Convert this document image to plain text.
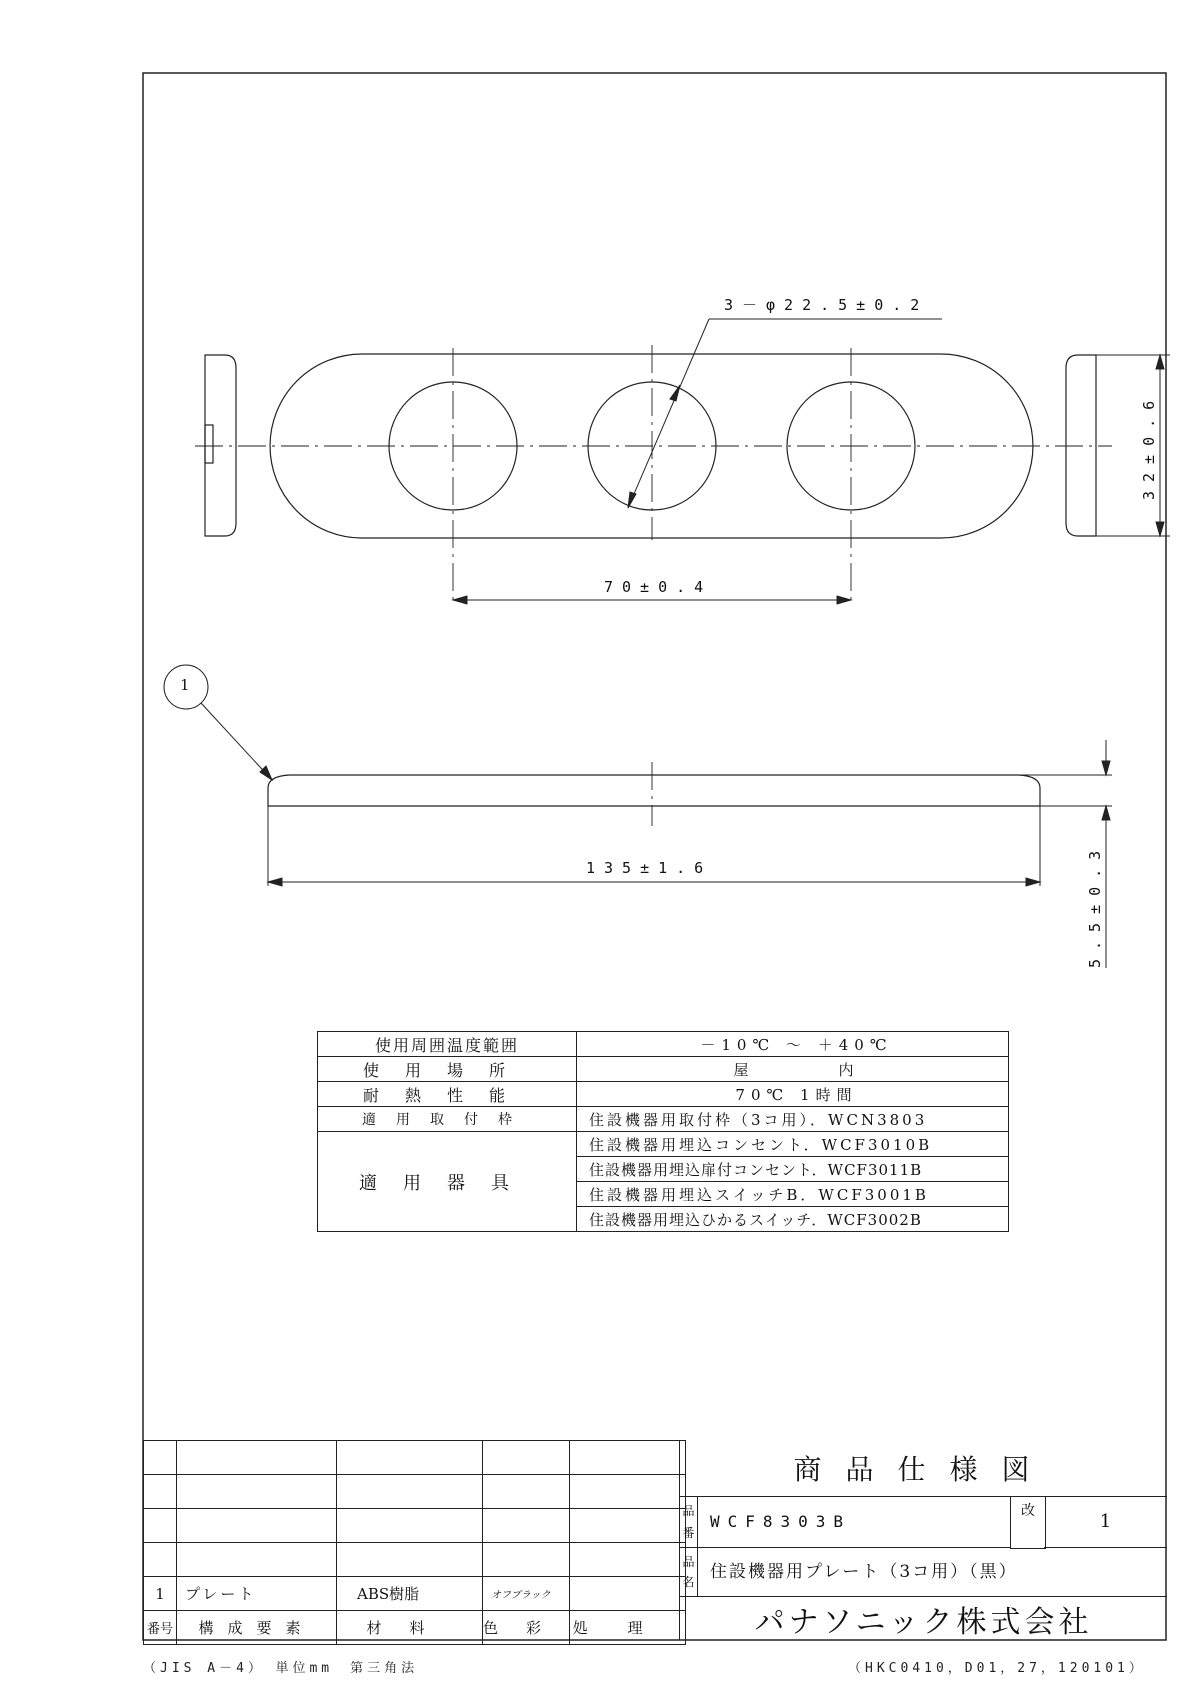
3－φ22.5±0.2
70±0.4
32±0.6
135±1.6	5.5±0.3
1
使用周囲温度範囲	－10℃ ～ ＋40℃
使用場所	屋　　　　内
耐熱性能	70℃ 1時間
適用取付枠	住設機器用取付枠（3コ用）．WCN3803
適用器具	住設機器用埋込コンセント．WCF3010B
	住設機器用埋込扉付コンセント．WCF3011B
	住設機器用埋込スイッチB．WCF3001B
	住設機器用埋込ひかるスイッチ．WCF3002B

1	プレート	ABS樹脂	オフブラック	
番号	構成要素	材料	色彩	処理
商品仕様図
品番
WCF8303B
改	1
品名 住設機器用プレート（3コ用）（黒）
パナソニック株式会社
（JIS A－4）　単位mm　第三角法	（HKC0410，D01，27，120101）
